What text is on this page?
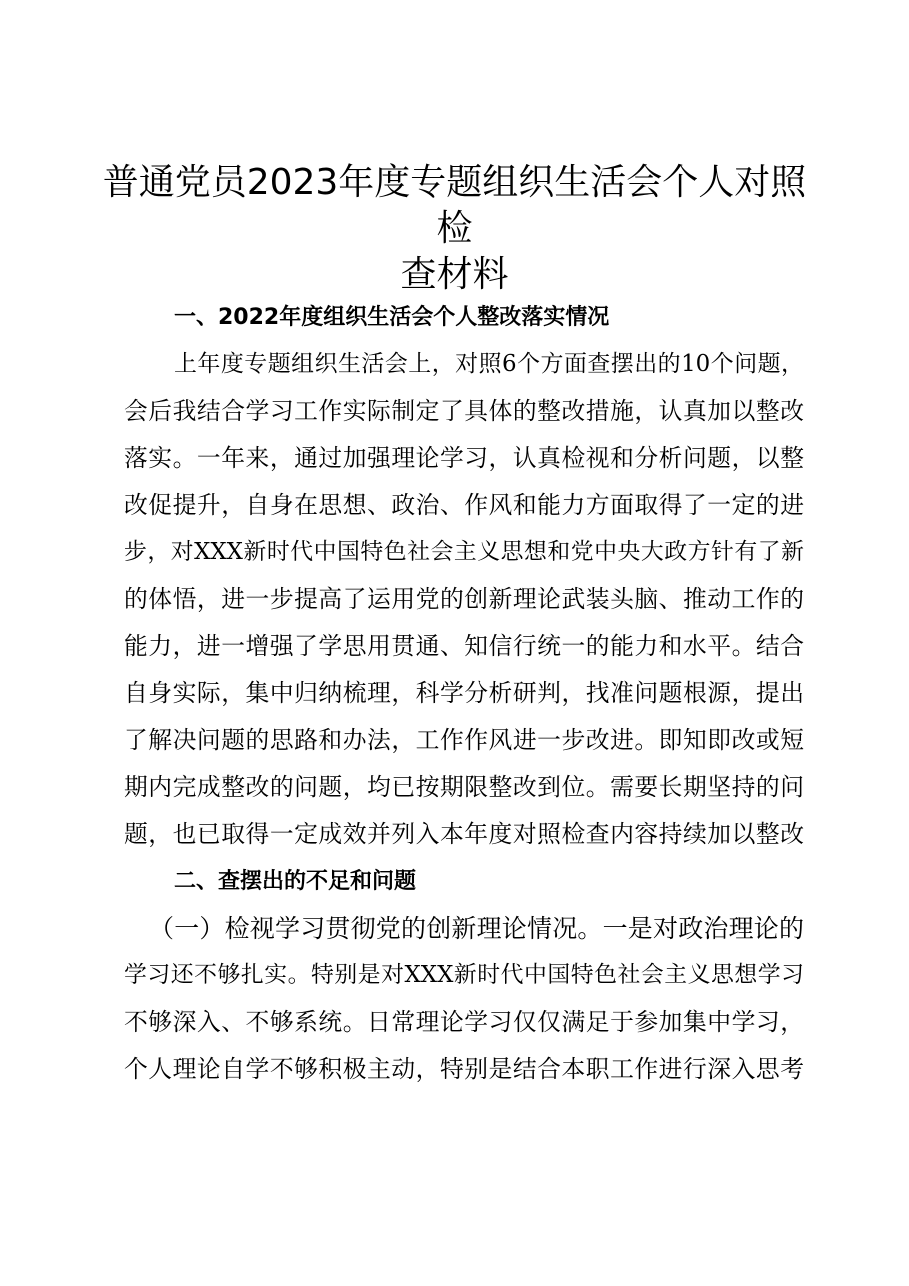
普通党员2023年度专题组织生活会个人对照检
查材料
一、2022年度组织生活会个人整改落实情况
上年度专题组织生活会上，对照6个方面查摆出的10个问题，
会后我结合学习工作实际制定了具体的整改措施，认真加以整改
落实。一年来，通过加强理论学习，认真检视和分析问题，以整
改促提升，自身在思想、政治、作风和能力方面取得了一定的进
步，对XXX新时代中国特色社会主义思想和党中央大政方针有了新
的体悟，进一步提高了运用党的创新理论武装头脑、推动工作的
能力，进一增强了学思用贯通、知信行统一的能力和水平。结合
自身实际，集中归纳梳理，科学分析研判，找准问题根源，提出
了解决问题的思路和办法，工作作风进一步改进。即知即改或短
期内完成整改的问题，均已按期限整改到位。需要长期坚持的问
题，也已取得一定成效并列入本年度对照检查内容持续加以整改
二、查摆出的不足和问题
（一）检视学习贯彻党的创新理论情况。一是对政治理论的
学习还不够扎实。特别是对XXX新时代中国特色社会主义思想学习
不够深入、不够系统。日常理论学习仅仅满足于参加集中学习，
个人理论自学不够积极主动，特别是结合本职工作进行深入思考
